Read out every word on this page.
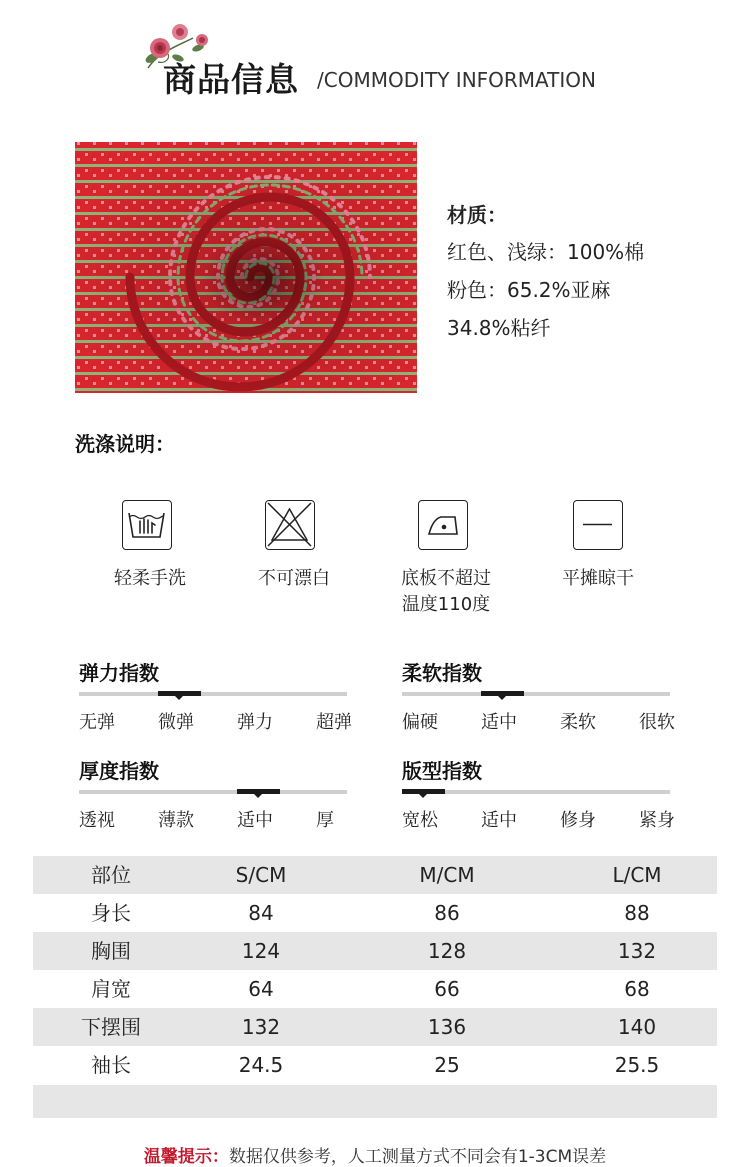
商品信息 /COMMODITY INFORMATION
材质：
红色、浅绿：100%棉
粉色：65.2%亚麻
34.8%粘纤
洗涤说明：
轻柔手洗	不可漂白	底板不超过
温度110度
平摊晾干
弹力指数
无弹 微弹 弹力 超弹
柔软指数
偏硬 适中 柔软 很软
厚度指数
透视 薄款 适中 厚
版型指数
宽松 适中 修身 紧身
部位	S/CM	M/CM	L/CM
身长	84	86	88
胸围	124	128	132
肩宽	64	66	68
下摆围	132	136	140
袖长	24.5	25	25.5
温馨提示：数据仅供参考，人工测量方式不同会有1-3CM误差
